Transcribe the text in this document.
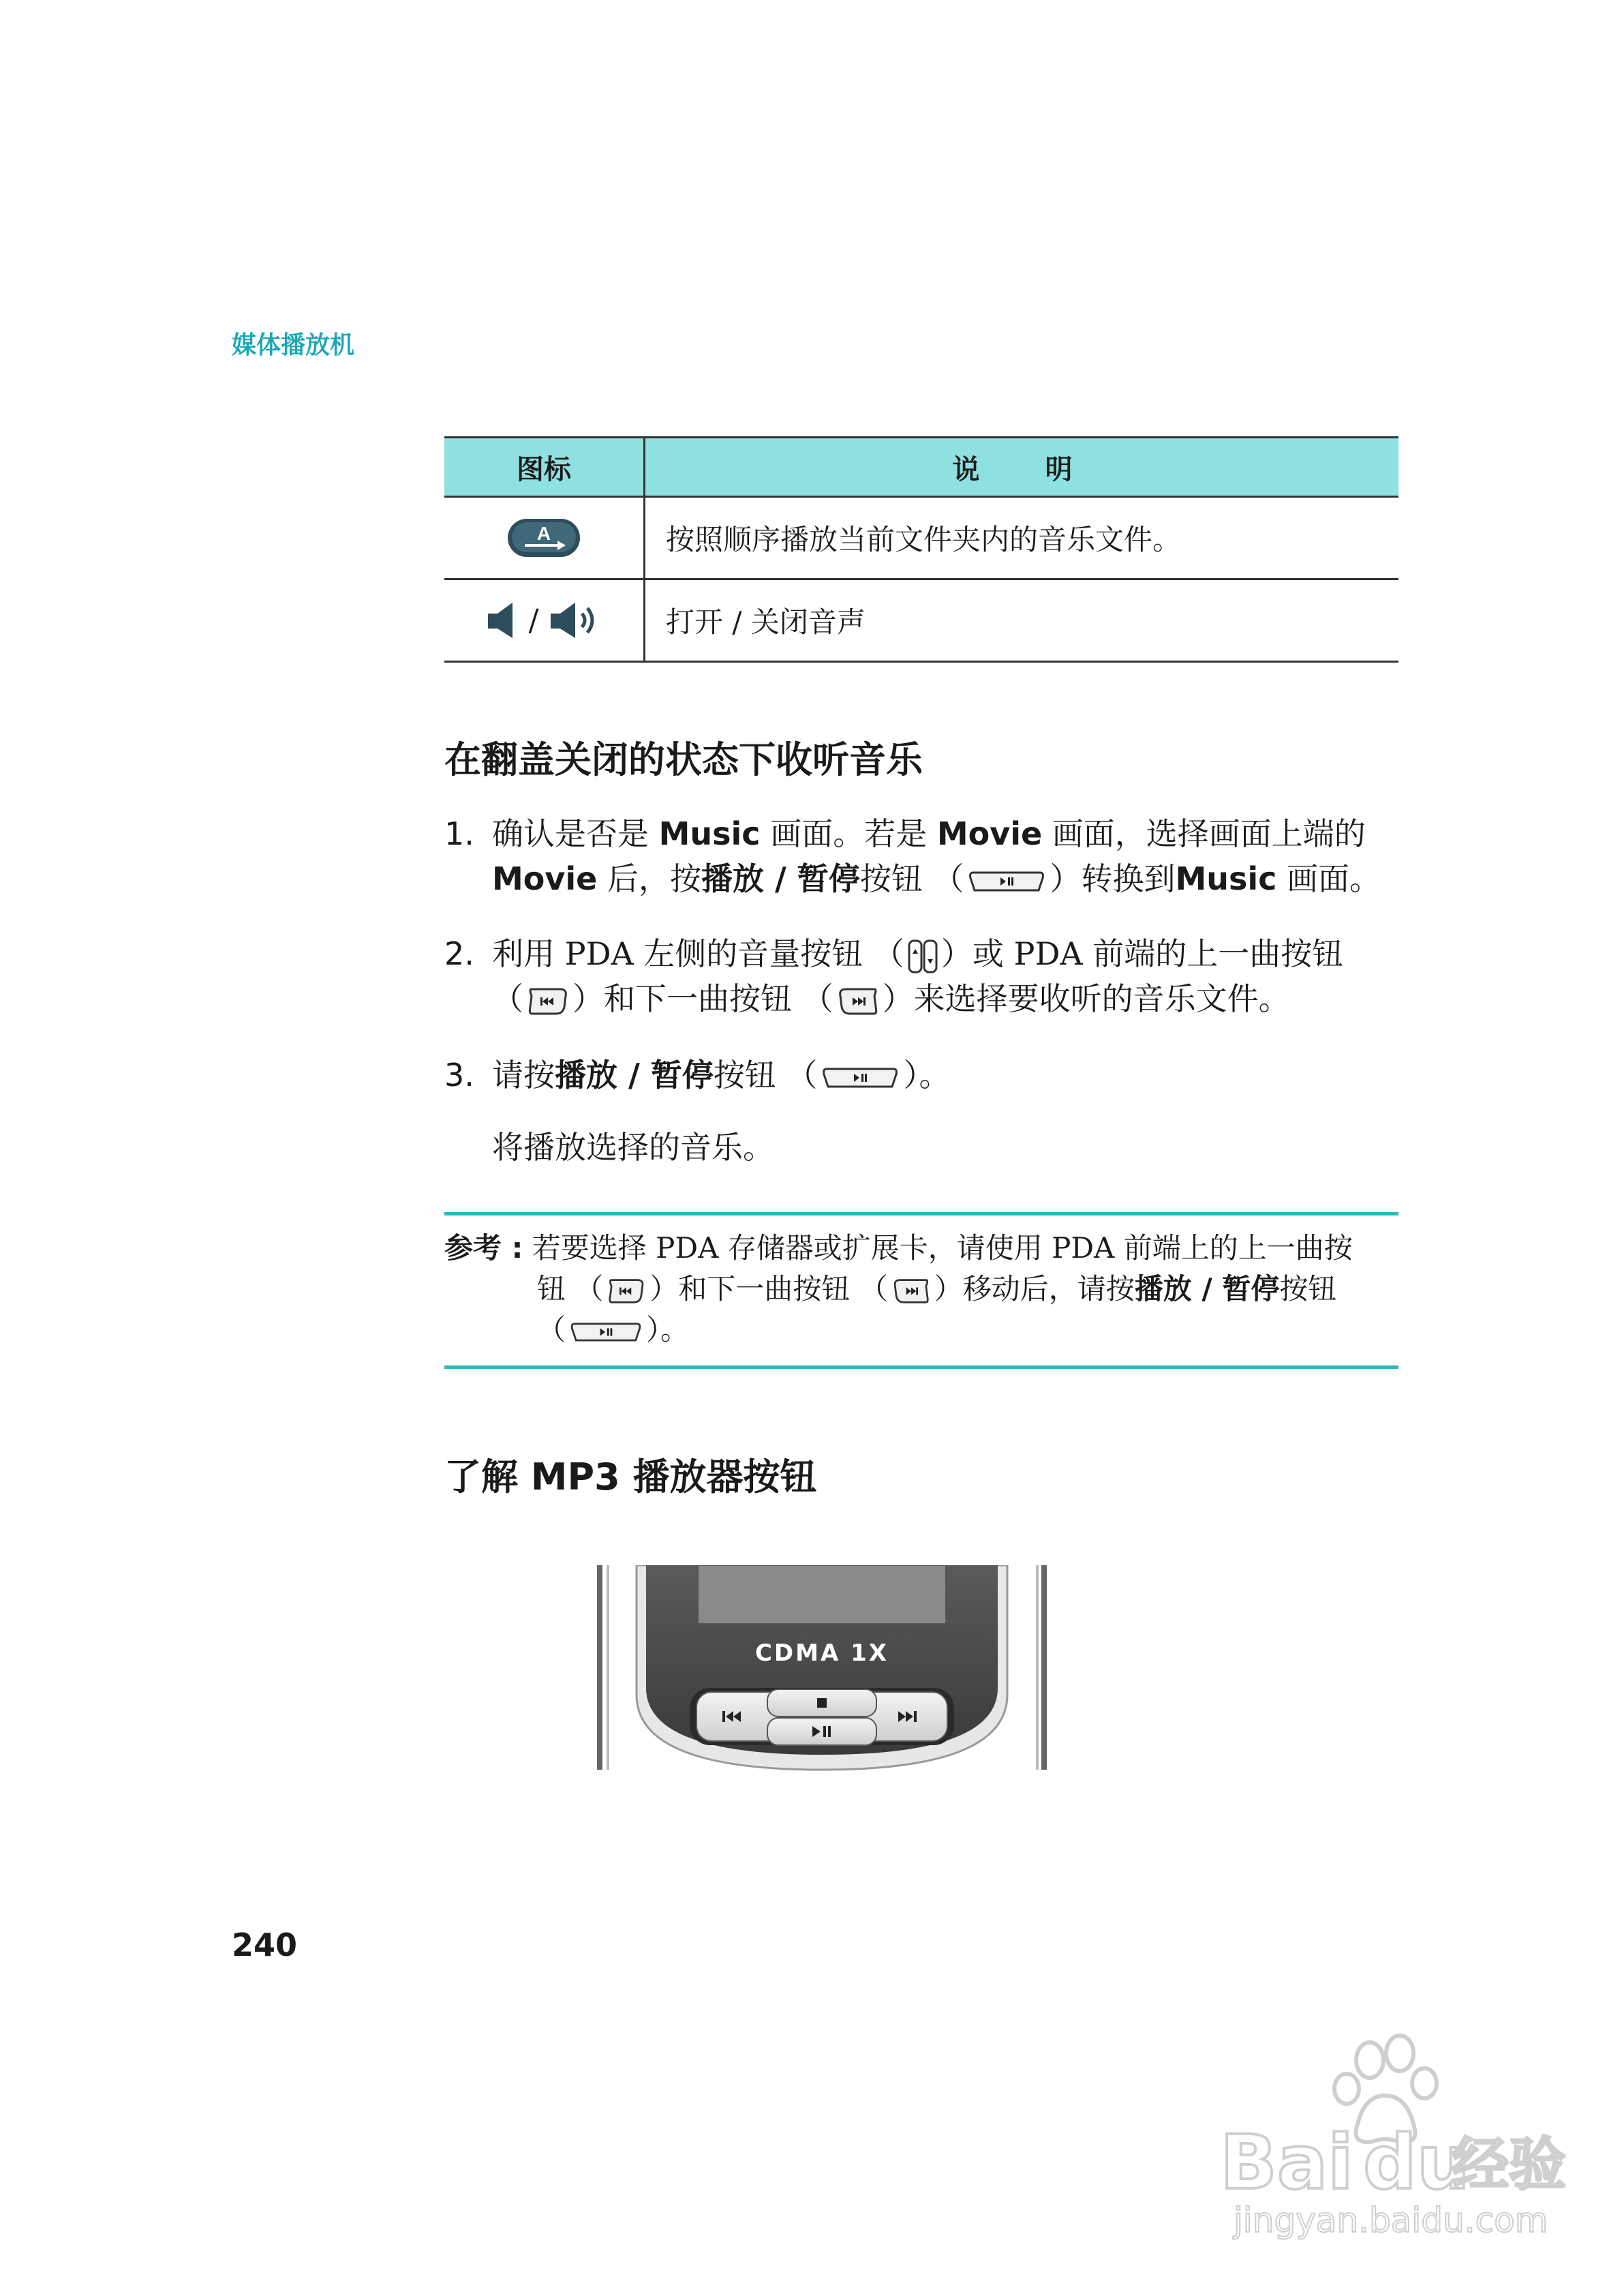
媒体播放机
图标	说　明
A	按照顺序播放当前文件夹内的音乐文件。
/	打开 / 关闭音声
在翻盖关闭的状态下收听音乐
1. 确认是否是 Music 画面。若是 Movie 画面，选择画面上端的
Movie 后，按播放 / 暂停按钮 （	）转换到Music 画面。
2. 利用 PDA 左侧的音量按钮 （ ）或 PDA 前端的上一曲按钮
（ ）和下一曲按钮 （ ）来选择要收听的音乐文件。
3. 请按播放 / 暂停按钮 （	）。
将播放选择的音乐。
参考 : 若要选择 PDA 存储器或扩展卡，请使用 PDA 前端上的上一曲按
钮 （ ）和下一曲按钮 （ ）移动后，请按播放 / 暂停按钮
（	）。
了解 MP3 播放器按钮
CDMA 1X
240
Bai du
经验
jingyan.baidu.com
